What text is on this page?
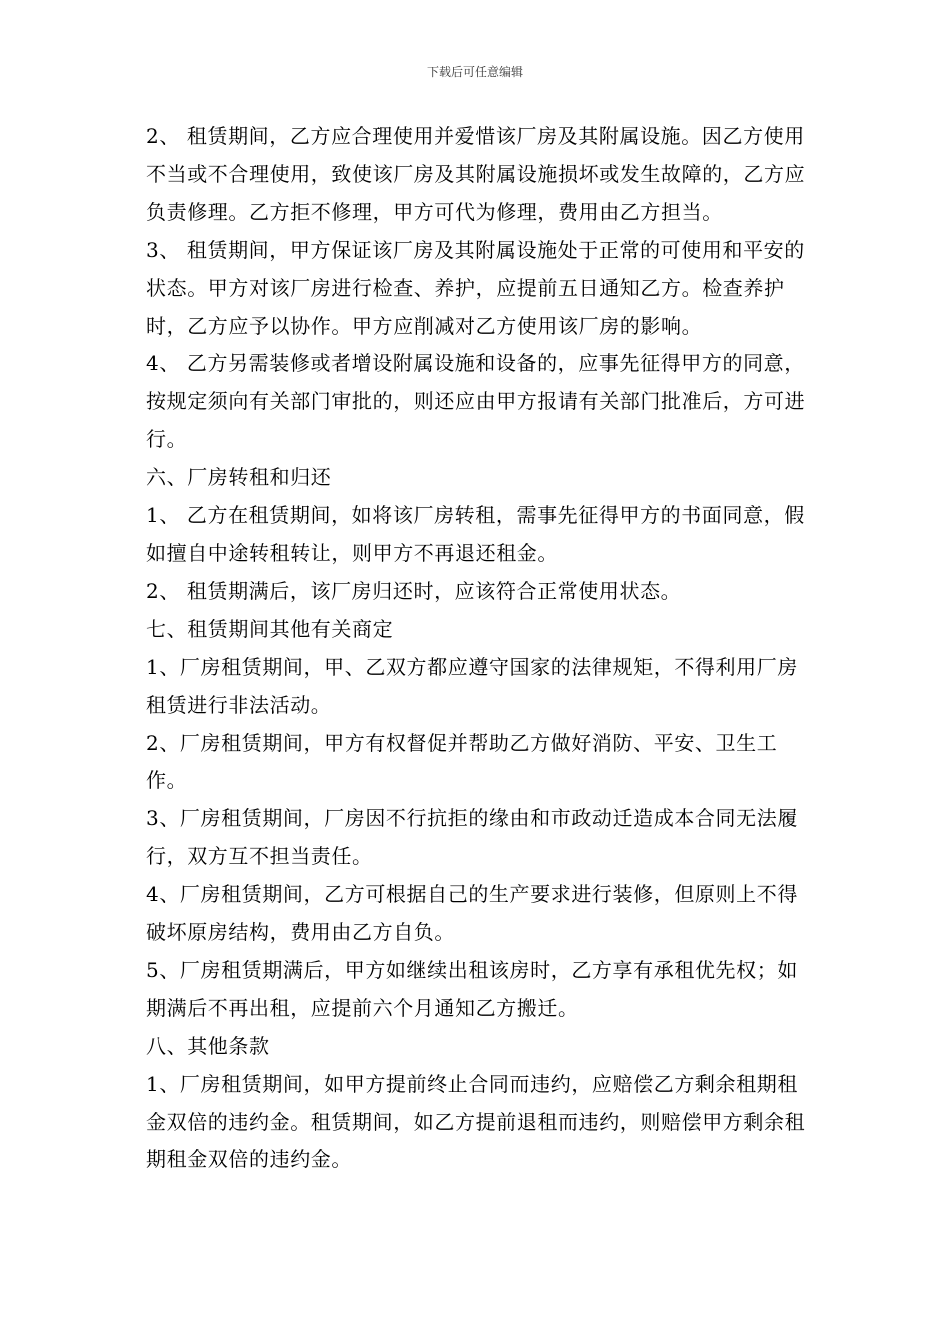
下载后可任意编辑

2、 租赁期间，乙方应合理使用并爱惜该厂房及其附属设施。因乙方使用不当或不合理使用，致使该厂房及其附属设施损坏或发生故障的，乙方应负责修理。乙方拒不修理，甲方可代为修理，费用由乙方担当。

3、 租赁期间，甲方保证该厂房及其附属设施处于正常的可使用和平安的状态。甲方对该厂房进行检查、养护，应提前五日通知乙方。检查养护时，乙方应予以协作。甲方应削减对乙方使用该厂房的影响。

4、 乙方另需装修或者增设附属设施和设备的，应事先征得甲方的同意，按规定须向有关部门审批的，则还应由甲方报请有关部门批准后，方可进行。

六、厂房转租和归还

1、 乙方在租赁期间，如将该厂房转租，需事先征得甲方的书面同意，假如擅自中途转租转让，则甲方不再退还租金。

2、 租赁期满后，该厂房归还时，应该符合正常使用状态。

七、租赁期间其他有关商定

1、厂房租赁期间，甲、乙双方都应遵守国家的法律规矩，不得利用厂房租赁进行非法活动。

2、厂房租赁期间，甲方有权督促并帮助乙方做好消防、平安、卫生工作。

3、厂房租赁期间，厂房因不行抗拒的缘由和市政动迁造成本合同无法履行，双方互不担当责任。

4、厂房租赁期间，乙方可根据自己的生产要求进行装修，但原则上不得破坏原房结构，费用由乙方自负。

5、厂房租赁期满后，甲方如继续出租该房时，乙方享有承租优先权；如期满后不再出租，应提前六个月通知乙方搬迁。

八、其他条款

1、厂房租赁期间，如甲方提前终止合同而违约，应赔偿乙方剩余租期租金双倍的违约金。租赁期间，如乙方提前退租而违约，则赔偿甲方剩余租期租金双倍的违约金。
